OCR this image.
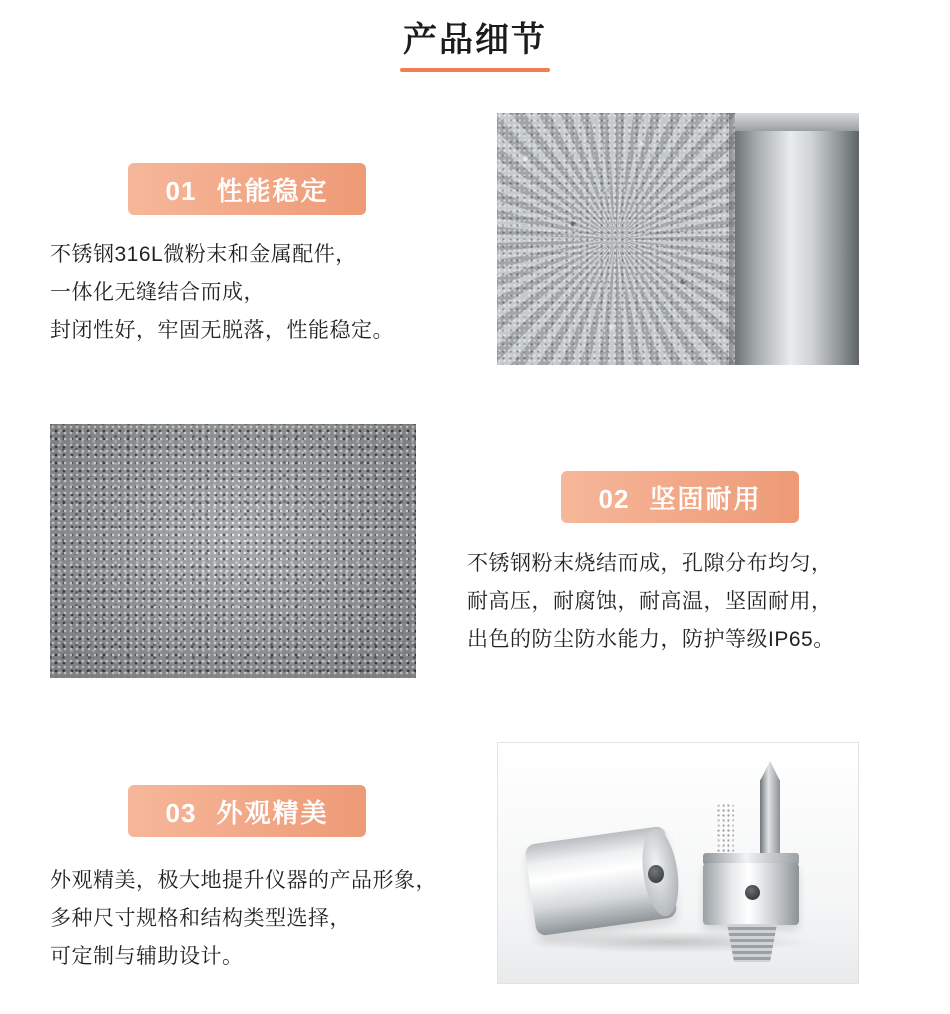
产品细节
01 性能稳定
不锈钢316L微粉末和金属配件，
一体化无缝结合而成，
封闭性好，牢固无脱落，性能稳定。
02 坚固耐用
不锈钢粉末烧结而成，孔隙分布均匀，
耐高压，耐腐蚀，耐高温，坚固耐用，
出色的防尘防水能力，防护等级IP65。
03 外观精美
外观精美，极大地提升仪器的产品形象，
多种尺寸规格和结构类型选择，
可定制与辅助设计。
